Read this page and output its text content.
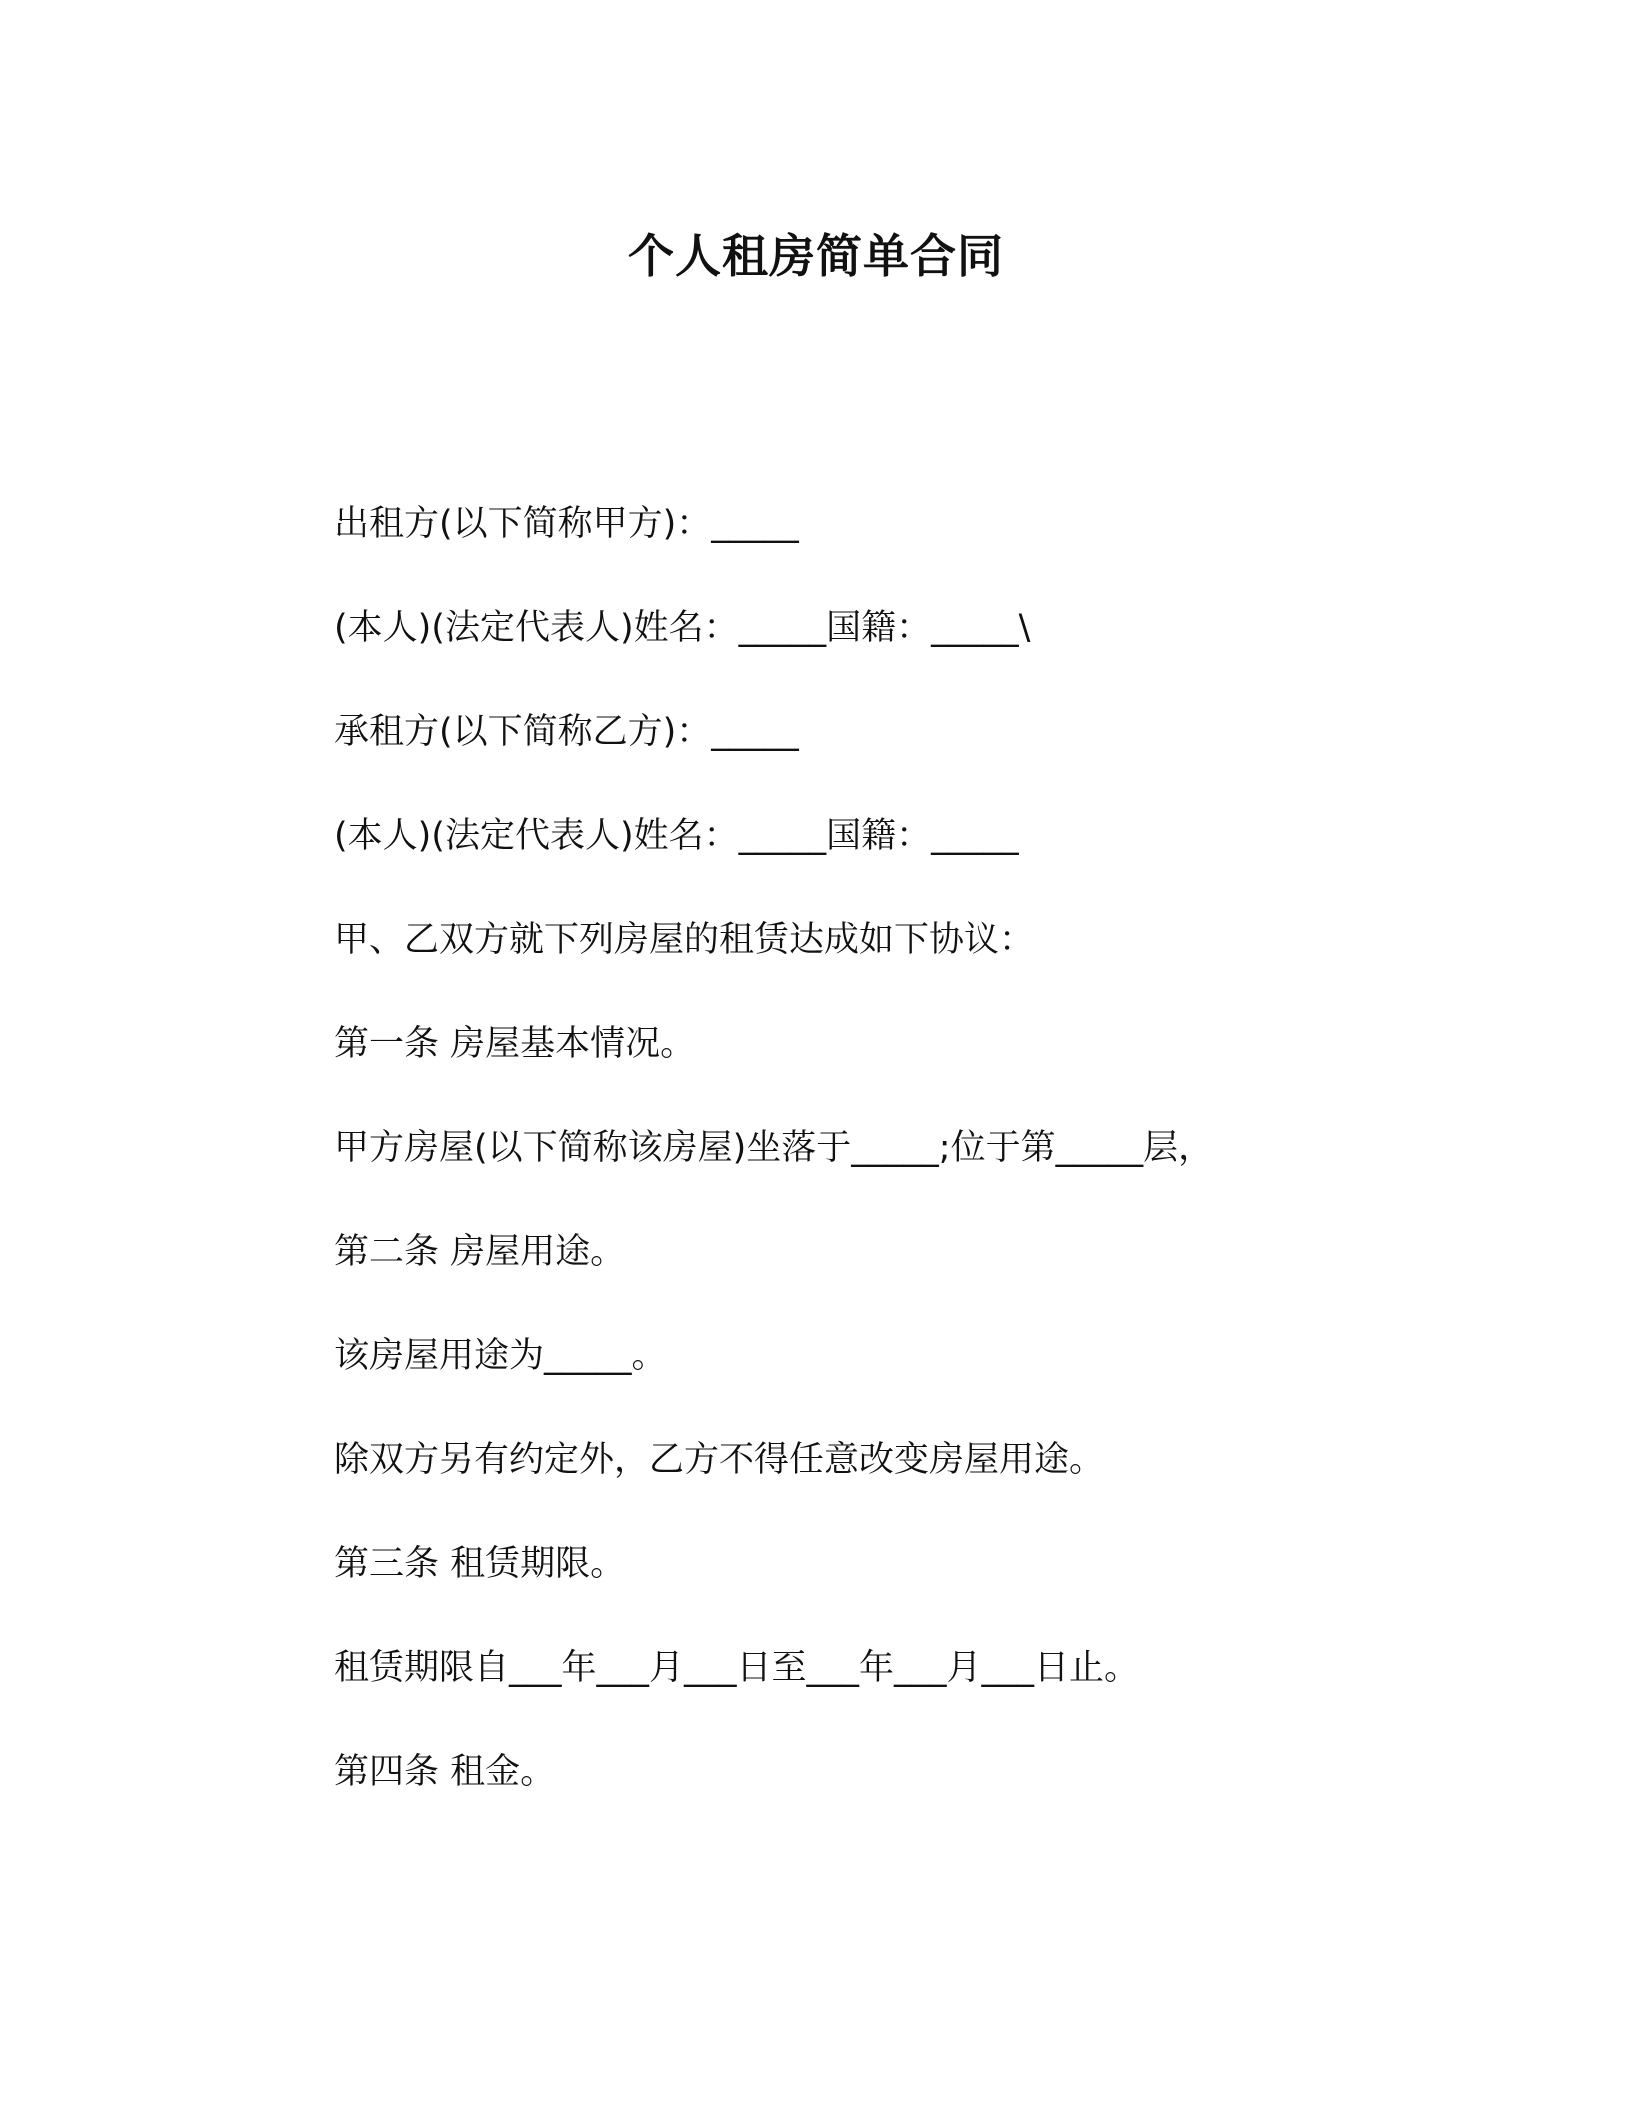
个人租房简单合同
出租方(以下简称甲方)：_____
(本人)(法定代表人)姓名：_____国籍：_____\
承租方(以下简称乙方)：_____
(本人)(法定代表人)姓名：_____国籍：_____
甲、乙双方就下列房屋的租赁达成如下协议：
第一条 房屋基本情况。
甲方房屋(以下简称该房屋)坐落于_____;位于第_____层，
第二条 房屋用途。
该房屋用途为_____。
除双方另有约定外，乙方不得任意改变房屋用途。
第三条 租赁期限。
租赁期限自___年___月___日至___年___月___日止。
第四条 租金。
